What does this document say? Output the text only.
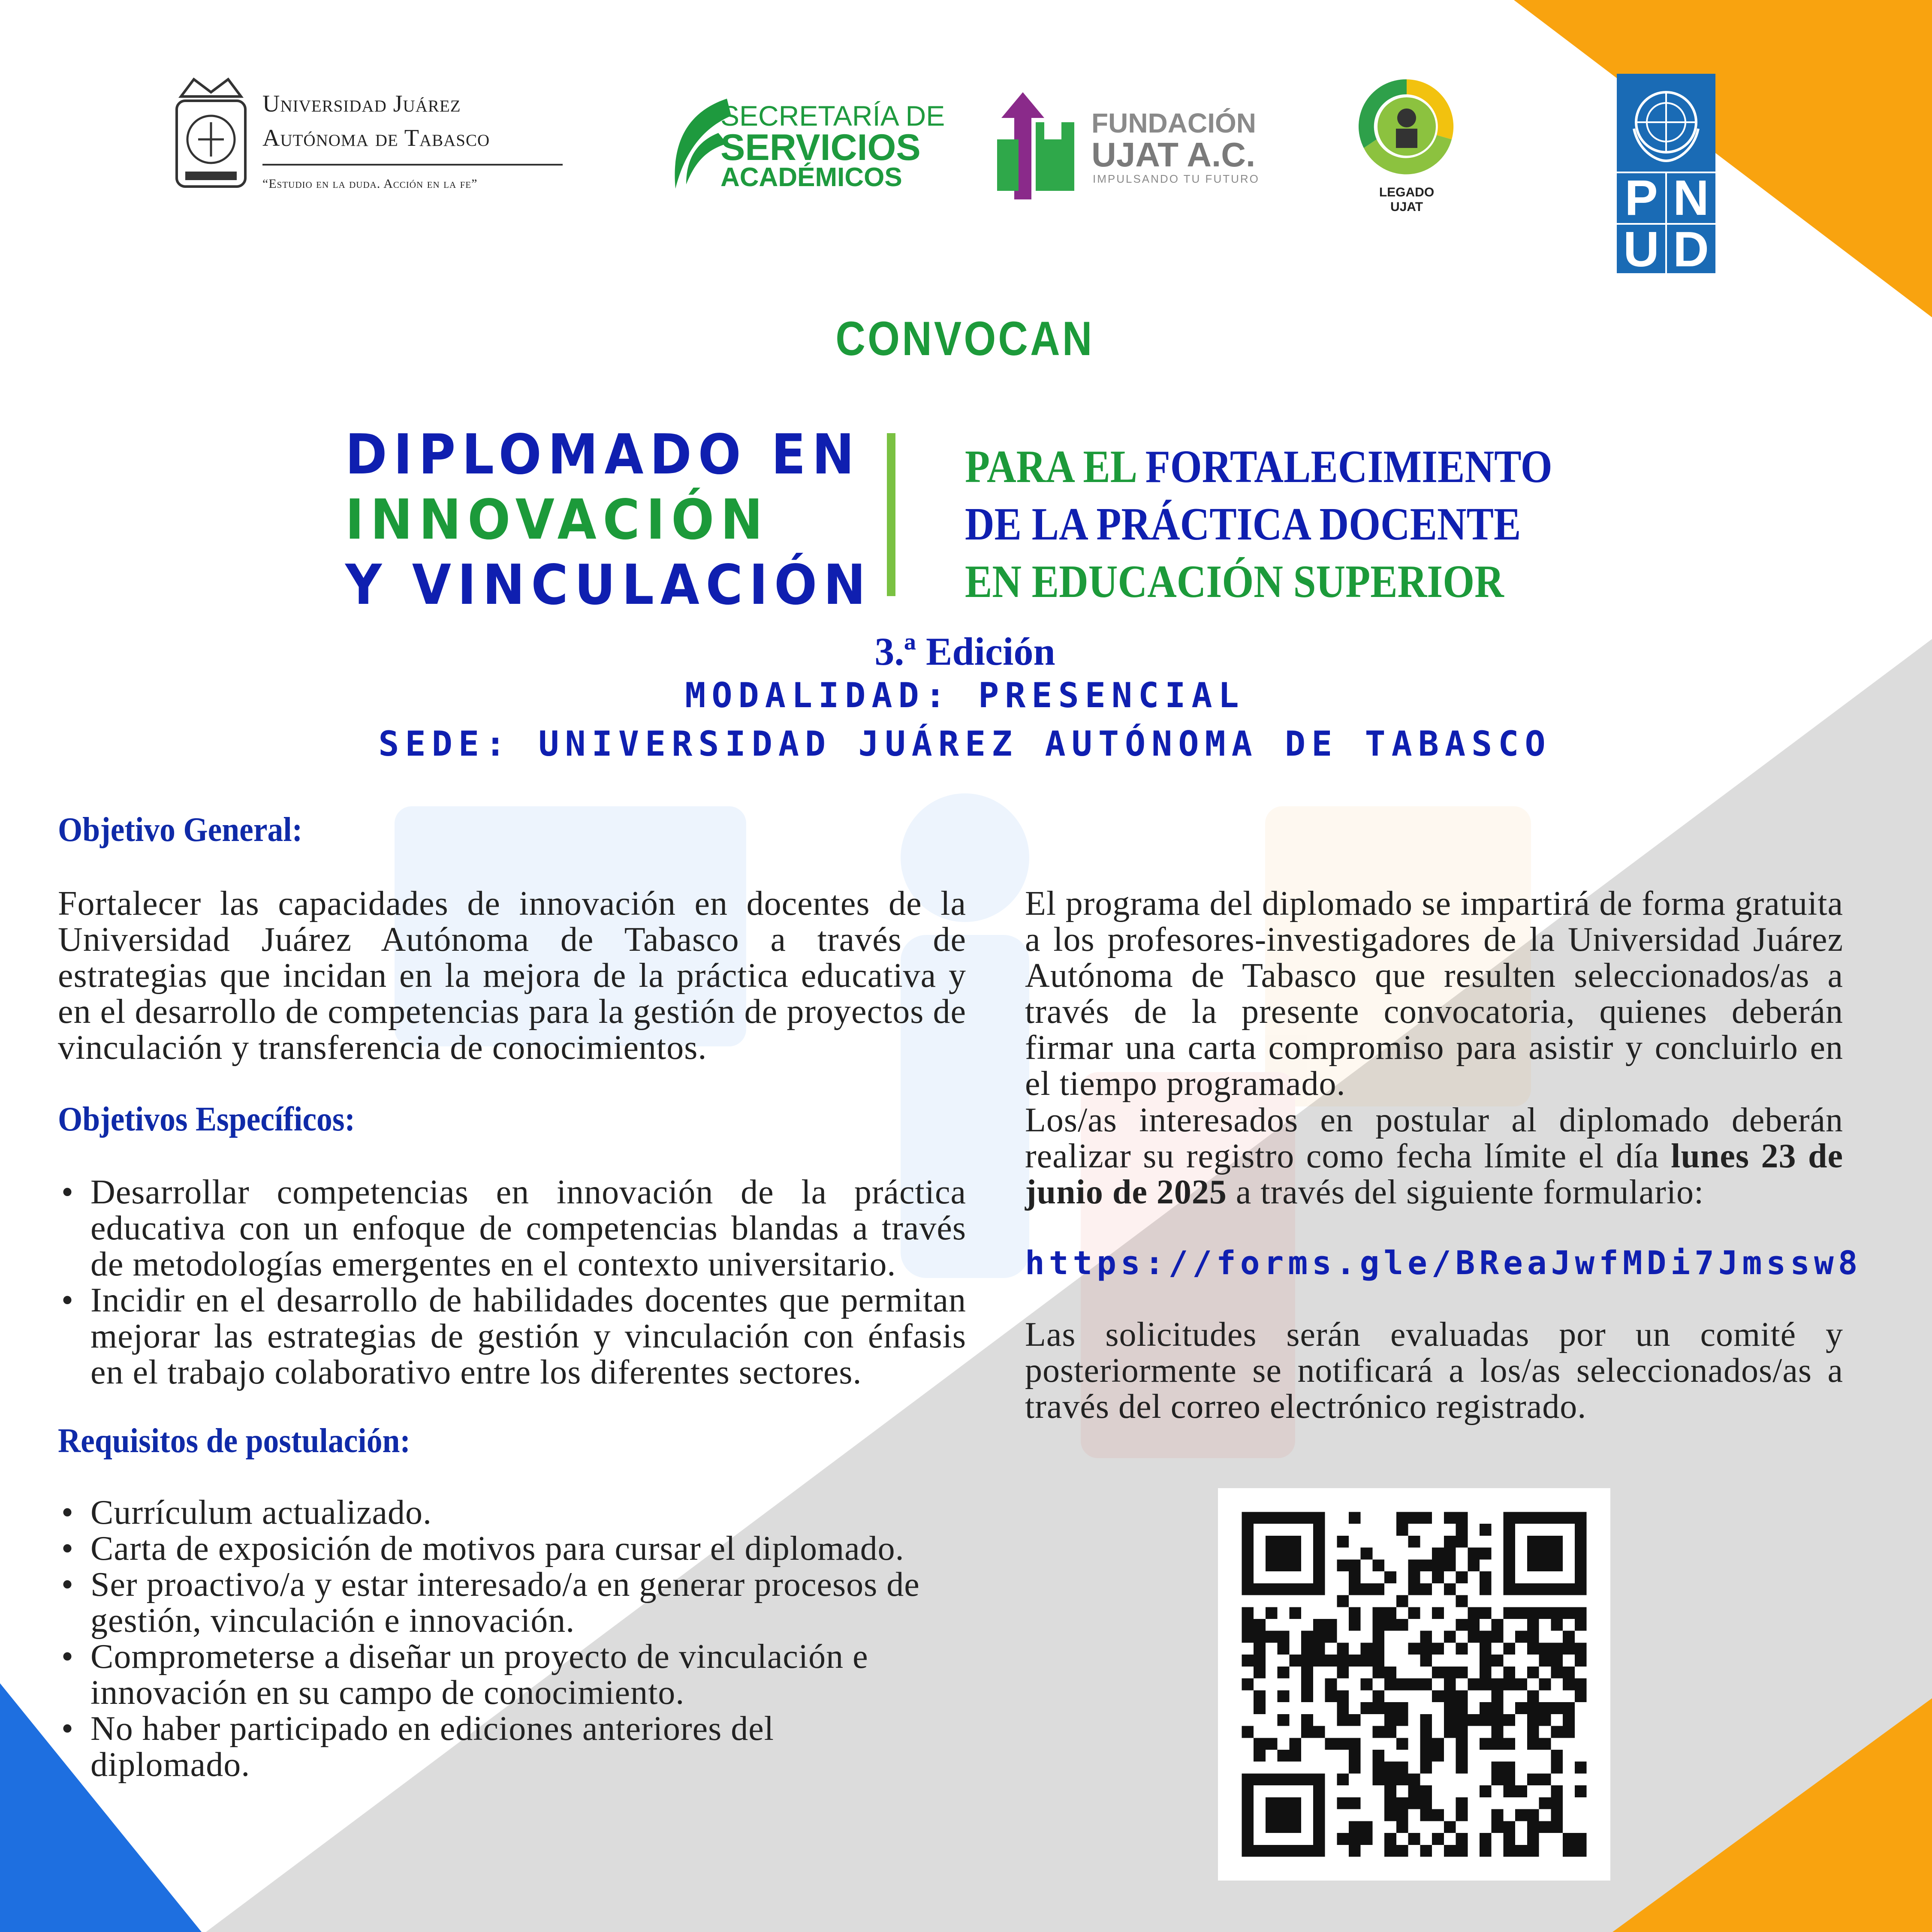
Universidad Juárez
Autónoma de Tabasco
“Estudio en la duda. Acción en la fe”
SECRETARÍA DE
SERVICIOS
ACADÉMICOS
FUNDACIÓN
UJAT A.C.
IMPULSANDO TU FUTURO
LEGADO
UJAT	P N
U D
CONVOCAN
DIPLOMADO EN
INNOVACIÓN
Y VINCULACIÓN
PARA EL FORTALECIMIENTO
DE LA PRÁCTICA DOCENTE
EN EDUCACIÓN SUPERIOR
3.ª Edición
MODALIDAD: PRESENCIAL
SEDE: UNIVERSIDAD JUÁREZ AUTÓNOMA DE TABASCO
Objetivo General:
Fortalecer las capacidades de innovación en docentes de la Universidad Juárez Autónoma de Tabasco a través de estrategias que incidan en la mejora de la práctica educativa y en el desarrollo de competencias para la gestión de proyectos de vinculación y transferencia de conocimientos.
Objetivos Específicos:
• Desarrollar competencias en innovación de la práctica educativa con un enfoque de competencias blandas a través de metodologías emergentes en el contexto universitario.
• Incidir en el desarrollo de habilidades docentes que permitan mejorar las estrategias de gestión y vinculación con énfasis en el trabajo colaborativo entre los diferentes sectores.
Requisitos de postulación:
• Currículum actualizado.
• Carta de exposición de motivos para cursar el diplomado.
• Ser proactivo/a y estar interesado/a en generar procesos de gestión, vinculación e innovación.
• Comprometerse a diseñar un proyecto de vinculación e innovación en su campo de conocimiento.
• No haber participado en ediciones anteriores del diplomado.
El programa del diplomado se impartirá de forma gratuita a los profesores-investigadores de la Universidad Juárez Autónoma de Tabasco que resulten seleccionados/as a través de la presente convocatoria, quienes deberán firmar una carta compromiso para asistir y concluirlo en el tiempo programado.
Los/as interesados en postular al diplomado deberán realizar su registro como fecha límite el día lunes 23 de junio de 2025 a través del siguiente formulario:
https://forms.gle/BReaJwfMDi7Jmssw8
Las solicitudes serán evaluadas por un comité y posteriormente se notificará a los/as seleccionados/as a través del correo electrónico registrado.
